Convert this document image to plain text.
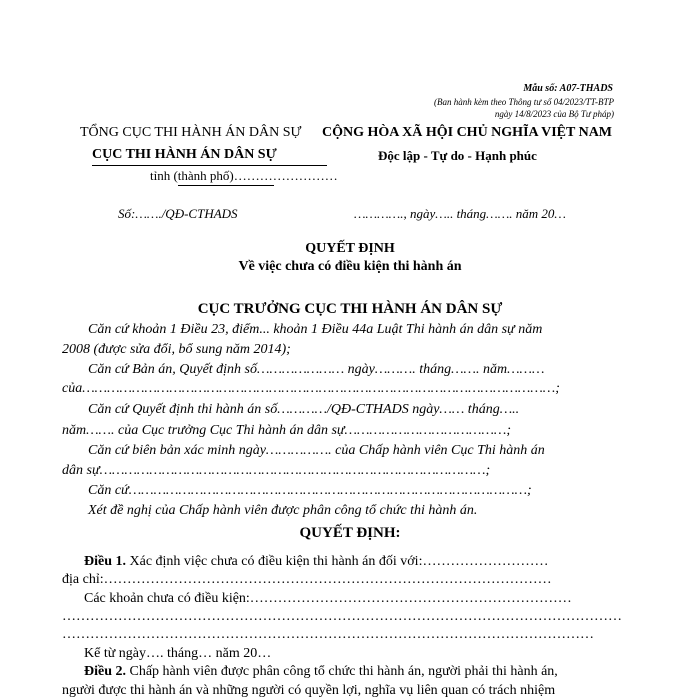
Mẫu số: A07-THADS
(Ban hành kèm theo Thông tư số 04/2023/TT-BTP
ngày 14/8/2023 của Bộ Tư pháp)
TỔNG CỤC THI HÀNH ÁN DÂN SỰ
CỤC THI HÀNH ÁN DÂN SỰ
tỉnh (thành phố)……………………
CỘNG HÒA XÃ HỘI CHỦ NGHĨA VIỆT NAM
Độc lập - Tự do - Hạnh phúc
Số:……./QĐ-CTHADS	…………., ngày….. tháng……. năm 20…
QUYẾT ĐỊNH
Về việc chưa có điều kiện thi hành án
CỤC TRƯỞNG CỤC THI HÀNH ÁN DÂN SỰ
Căn cứ khoản 1 Điều 23, điểm... khoản 1 Điều 44a Luật Thi hành án dân sự năm
2008 (được sửa đổi, bổ sung năm 2014);
Căn cứ Bản án, Quyết định số………………… ngày………. tháng……. năm………
của……………………………………………………………………………………………………;
Căn cứ Quyết định thi hành án số…………/QĐ-CTHADS ngày…… tháng…..
năm……. của Cục trưởng Cục Thi hành án dân sự…………………………………;
Căn cứ biên bản xác minh ngày……………. của Chấp hành viên Cục Thi hành án
dân sự…………………………………………………………………………………;
Căn cứ……………………………………………………………………………………;
Xét đề nghị của Chấp hành viên được phân công tổ chức thi hành án.
QUYẾT ĐỊNH:
Điều 1. Xác định việc chưa có điều kiện thi hành án đối với:………………………
địa chỉ:……………………………………………………………………………………
Các khoản chưa có điều kiện:……………………………………………………………
…………………………………………………………………………………………………………
……………………………………………………………………………………………………
Kể từ ngày…. tháng… năm 20…
Điều 2. Chấp hành viên được phân công tổ chức thi hành án, người phải thi hành án,
người được thi hành án và những người có quyền lợi, nghĩa vụ liên quan có trách nhiệm
